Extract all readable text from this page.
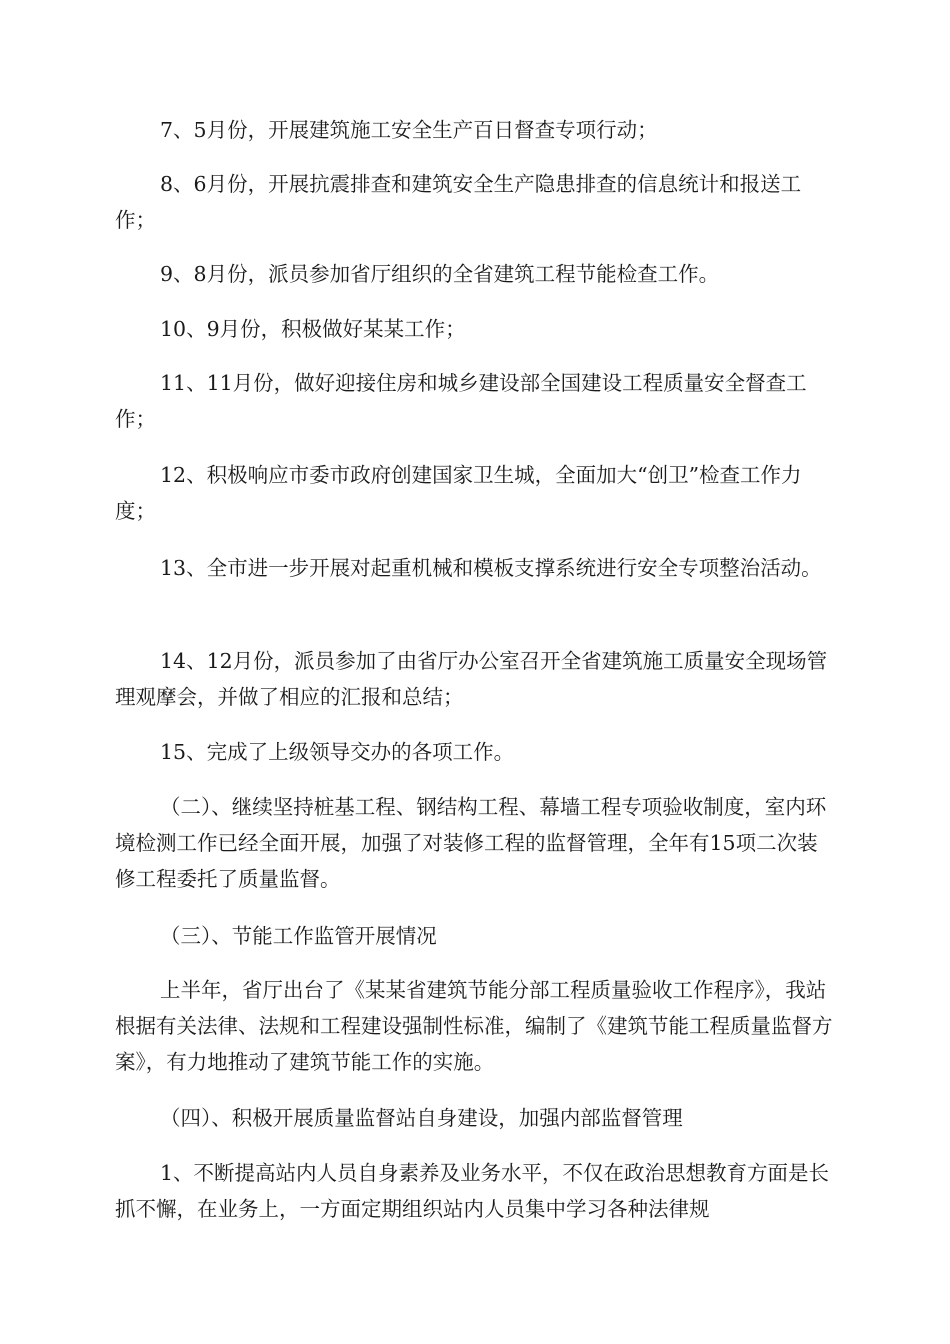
7、5月份，开展建筑施工安全生产百日督查专项行动；

8、6月份，开展抗震排查和建筑安全生产隐患排查的信息统计和报送工作；

9、8月份，派员参加省厅组织的全省建筑工程节能检查工作。

10、9月份，积极做好某某工作；

11、11月份，做好迎接住房和城乡建设部全国建设工程质量安全督查工作；

12、积极响应市委市政府创建国家卫生城，全面加大“创卫”检查工作力度；

13、全市进一步开展对起重机械和模板支撑系统进行安全专项整治活动。

14、12月份，派员参加了由省厅办公室召开全省建筑施工质量安全现场管理观摩会，并做了相应的汇报和总结；

15、完成了上级领导交办的各项工作。

（二）、继续坚持桩基工程、钢结构工程、幕墙工程专项验收制度，室内环境检测工作已经全面开展，加强了对装修工程的监督管理，全年有15项二次装修工程委托了质量监督。

（三）、节能工作监管开展情况

上半年，省厅出台了《某某省建筑节能分部工程质量验收工作程序》，我站根据有关法律、法规和工程建设强制性标准，编制了《建筑节能工程质量监督方案》，有力地推动了建筑节能工作的实施。

（四）、积极开展质量监督站自身建设，加强内部监督管理

1、不断提高站内人员自身素养及业务水平，不仅在政治思想教育方面是长抓不懈，在业务上，一方面定期组织站内人员集中学习各种法律规
